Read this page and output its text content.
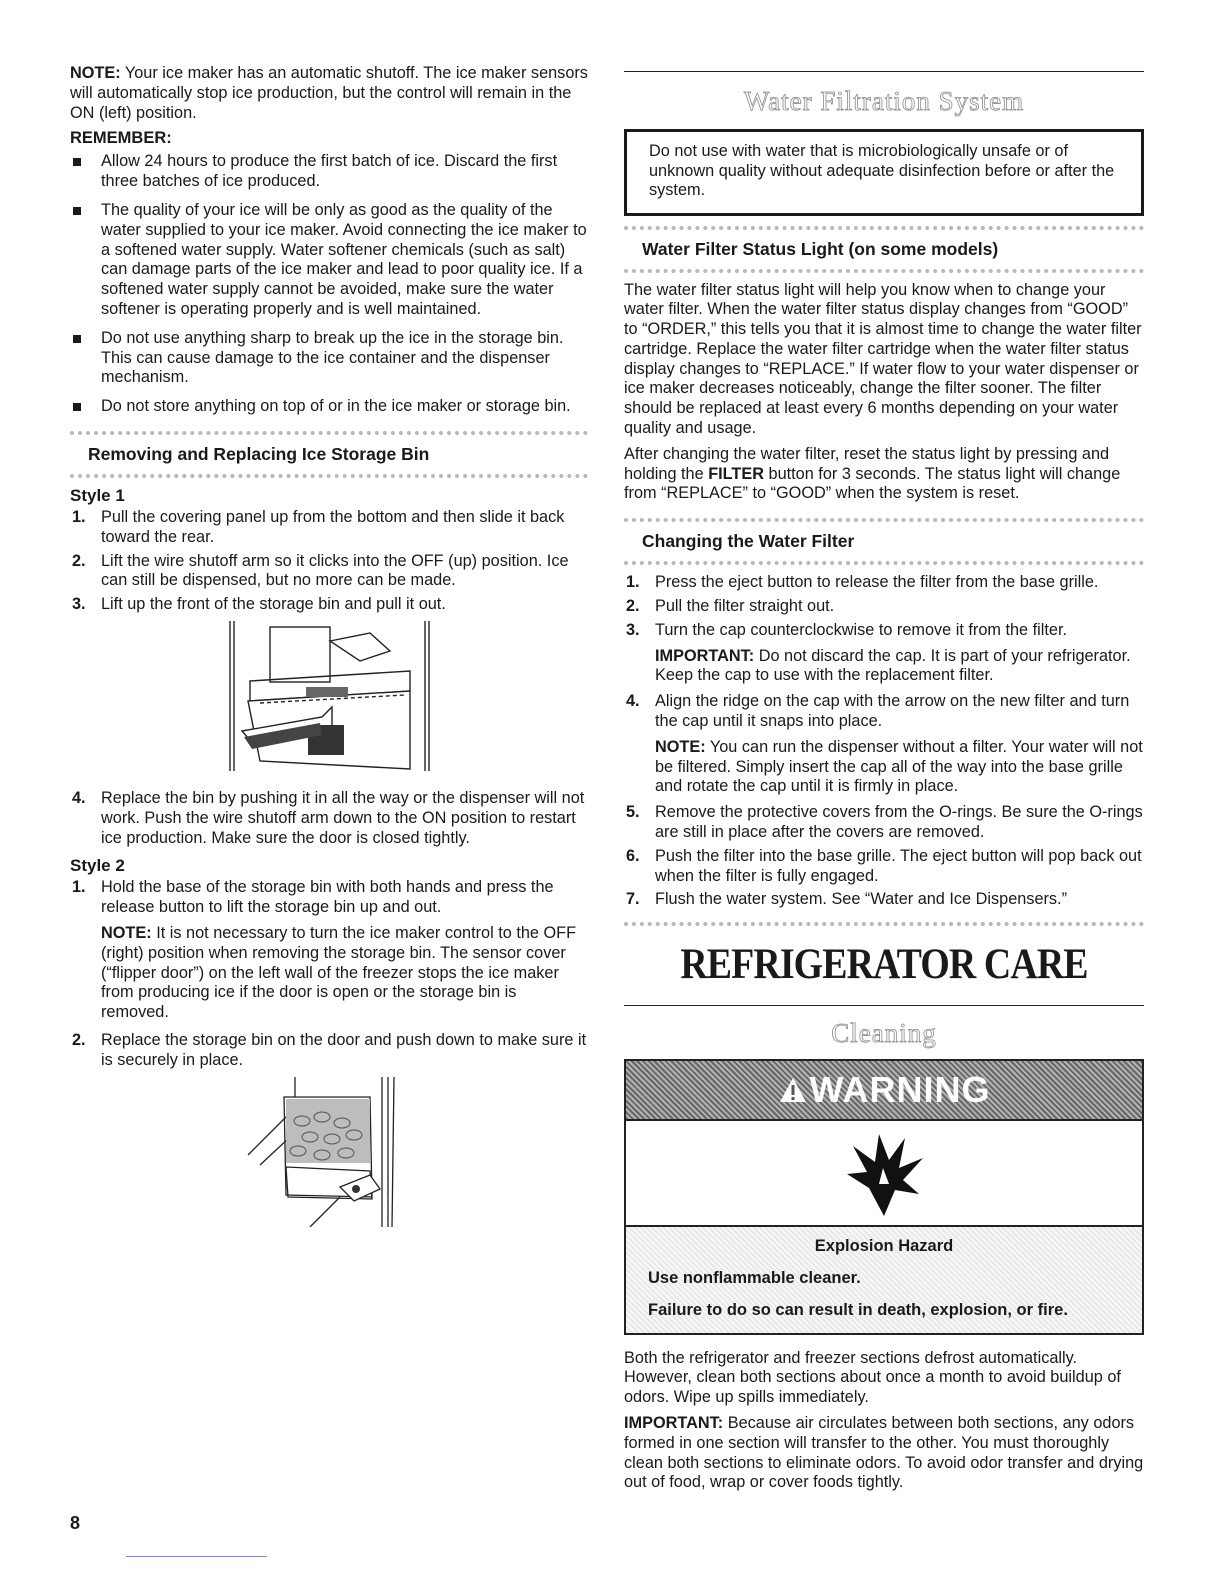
NOTE: Your ice maker has an automatic shutoff. The ice maker sensors will automatically stop ice production, but the control will remain in the ON (left) position.

REMEMBER:
Allow 24 hours to produce the first batch of ice. Discard the first three batches of ice produced.
The quality of your ice will be only as good as the quality of the water supplied to your ice maker. Avoid connecting the ice maker to a softened water supply. Water softener chemicals (such as salt) can damage parts of the ice maker and lead to poor quality ice. If a softened water supply cannot be avoided, make sure the water softener is operating properly and is well maintained.
Do not use anything sharp to break up the ice in the storage bin. This can cause damage to the ice container and the dispenser mechanism.
Do not store anything on top of or in the ice maker or storage bin.
Removing and Replacing Ice Storage Bin
Style 1
1. Pull the covering panel up from the bottom and then slide it back toward the rear.
2. Lift the wire shutoff arm so it clicks into the OFF (up) position. Ice can still be dispensed, but no more can be made.
3. Lift up the front of the storage bin and pull it out.
4. Replace the bin by pushing it in all the way or the dispenser will not work. Push the wire shutoff arm down to the ON position to restart ice production. Make sure the door is closed tightly.
Style 2
1. Hold the base of the storage bin with both hands and press the release button to lift the storage bin up and out.

NOTE: It is not necessary to turn the ice maker control to the OFF (right) position when removing the storage bin. The sensor cover (“flipper door”) on the left wall of the freezer stops the ice maker from producing ice if the door is open or the storage bin is removed.

2. Replace the storage bin on the door and push down to make sure it is securely in place.
Water Filtration System

Do not use with water that is microbiologically unsafe or of unknown quality without adequate disinfection before or after the system.

Water Filter Status Light (on some models)

The water filter status light will help you know when to change your water filter. When the water filter status display changes from “GOOD” to “ORDER,” this tells you that it is almost time to change the water filter cartridge. Replace the water filter cartridge when the water filter status display changes to “REPLACE.” If water flow to your water dispenser or ice maker decreases noticeably, change the filter sooner. The filter should be replaced at least every 6 months depending on your water quality and usage.

After changing the water filter, reset the status light by pressing and holding the FILTER button for 3 seconds. The status light will change from “REPLACE” to “GOOD” when the system is reset.

Changing the Water Filter
1. Press the eject button to release the filter from the base grille.
2. Pull the filter straight out.
3. Turn the cap counterclockwise to remove it from the filter.

IMPORTANT: Do not discard the cap. It is part of your refrigerator. Keep the cap to use with the replacement filter.

4. Align the ridge on the cap with the arrow on the new filter and turn the cap until it snaps into place.

NOTE: You can run the dispenser without a filter. Your water will not be filtered. Simply insert the cap all of the way into the base grille and rotate the cap until it is firmly in place.

5. Remove the protective covers from the O-rings. Be sure the O-rings are still in place after the covers are removed.
6. Push the filter into the base grille. The eject button will pop back out when the filter is fully engaged.
7. Flush the water system. See “Water and Ice Dispensers.”
REFRIGERATOR CARE
Cleaning
WARNING

Explosion Hazard

Use nonflammable cleaner.

Failure to do so can result in death, explosion, or fire.

Both the refrigerator and freezer sections defrost automatically. However, clean both sections about once a month to avoid buildup of odors. Wipe up spills immediately.

IMPORTANT: Because air circulates between both sections, any odors formed in one section will transfer to the other. You must thoroughly clean both sections to eliminate odors. To avoid odor transfer and drying out of food, wrap or cover foods tightly.

8
